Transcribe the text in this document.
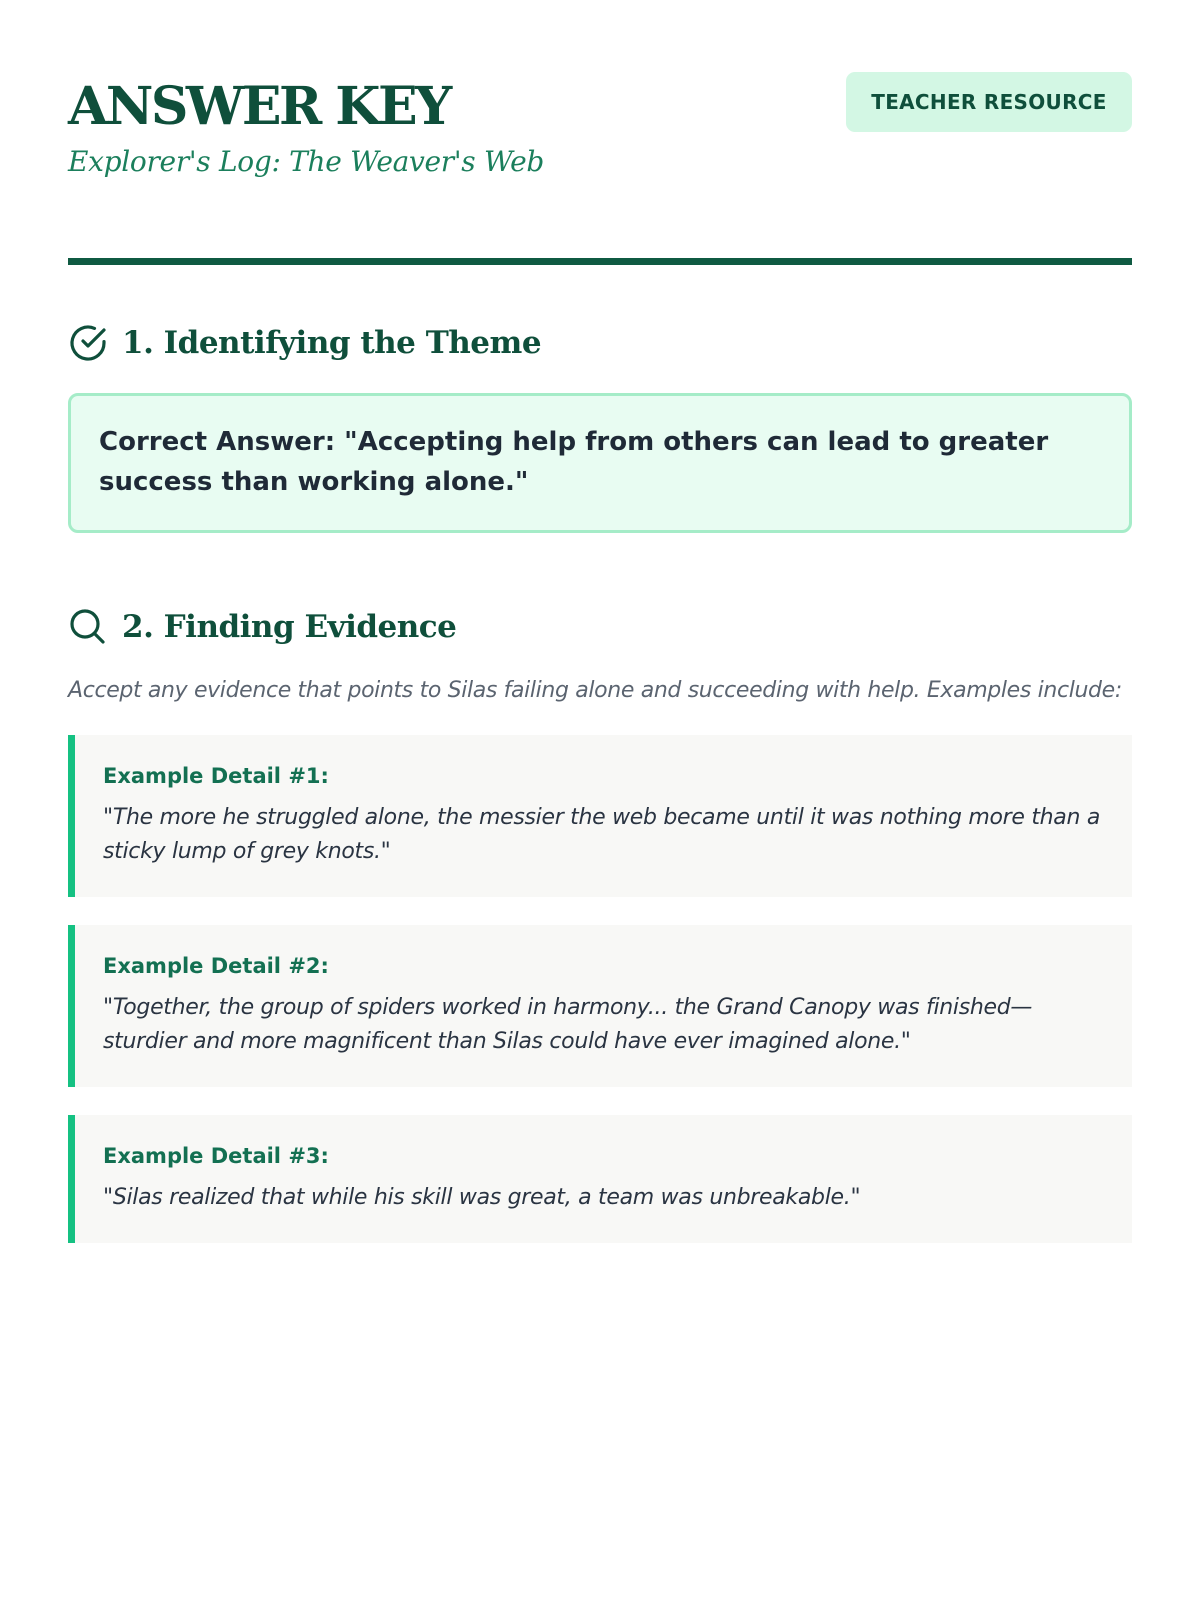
ANSWER KEY
Explorer's Log: The Weaver's Web
TEACHER RESOURCE
1. Identifying the Theme
Correct Answer: "Accepting help from others can lead to greater success than working alone."
2. Finding Evidence

Accept any evidence that points to Silas failing alone and succeeding with help. Examples include:

Example Detail #1:
"The more he struggled alone, the messier the web became until it was nothing more than a sticky lump of grey knots."
Example Detail #2:
"Together, the group of spiders worked in harmony... the Grand Canopy was finished—sturdier and more magnificent than Silas could have ever imagined alone."
Example Detail #3:
"Silas realized that while his skill was great, a team was unbreakable."
